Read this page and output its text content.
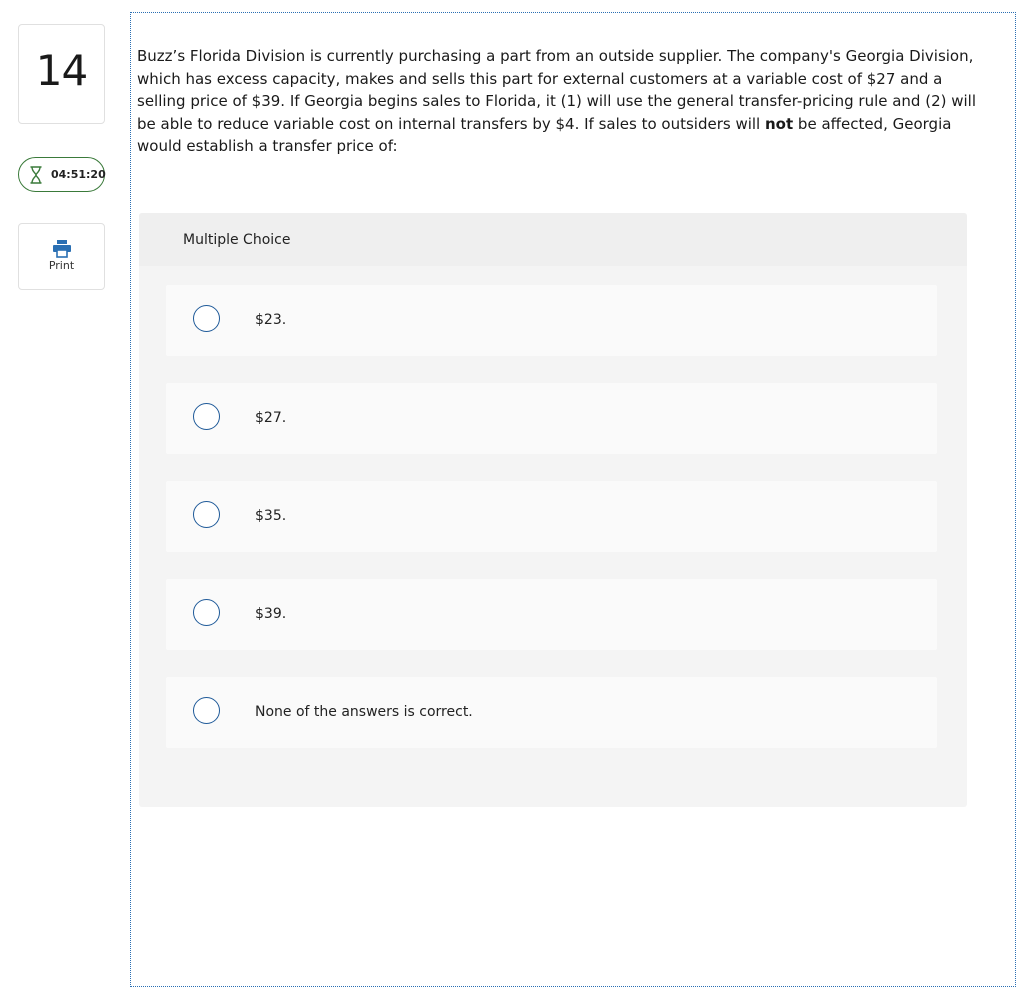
14
04:51:20
Print
Buzz’s Florida Division is currently purchasing a part from an outside supplier. The company's Georgia Division, which has excess capacity, makes and sells this part for external customers at a variable cost of $27 and a selling price of $39. If Georgia begins sales to Florida, it (1) will use the general transfer-pricing rule and (2) will be able to reduce variable cost on internal transfers by $4. If sales to outsiders will not be affected, Georgia would establish a transfer price of:
Multiple Choice
$23.
$27.
$35.
$39.
None of the answers is correct.
